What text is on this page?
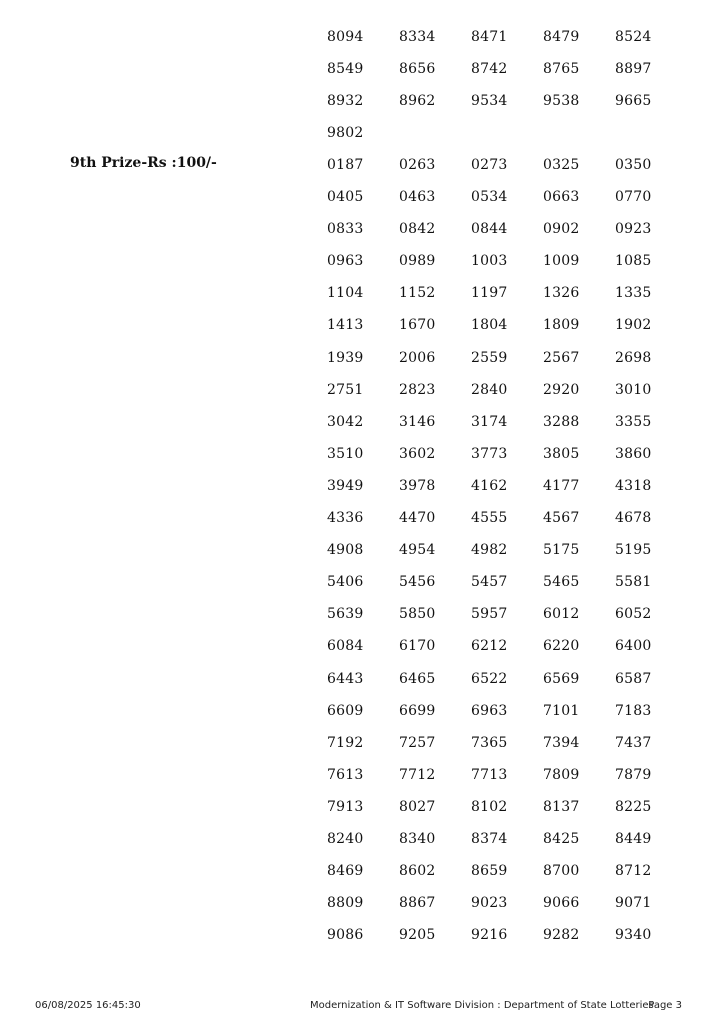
8094	8334	8471	8479	8524
8549	8656	8742	8765	8897
8932	8962	9534	9538	9665
9802
9th Prize-Rs :100/-	0187	0263	0273	0325	0350
0405	0463	0534	0663	0770
0833	0842	0844	0902	0923
0963	0989	1003	1009	1085
1104	1152	1197	1326	1335
1413	1670	1804	1809	1902
1939	2006	2559	2567	2698
2751	2823	2840	2920	3010
3042	3146	3174	3288	3355
3510	3602	3773	3805	3860
3949	3978	4162	4177	4318
4336	4470	4555	4567	4678
4908	4954	4982	5175	5195
5406	5456	5457	5465	5581
5639	5850	5957	6012	6052
6084	6170	6212	6220	6400
6443	6465	6522	6569	6587
6609	6699	6963	7101	7183
7192	7257	7365	7394	7437
7613	7712	7713	7809	7879
7913	8027	8102	8137	8225
8240	8340	8374	8425	8449
8469	8602	8659	8700	8712
8809	8867	9023	9066	9071
9086	9205	9216	9282	9340
06/08/2025 16:45:30	Modernization & IT Software Division : Department of State Lotteries
Page 3
